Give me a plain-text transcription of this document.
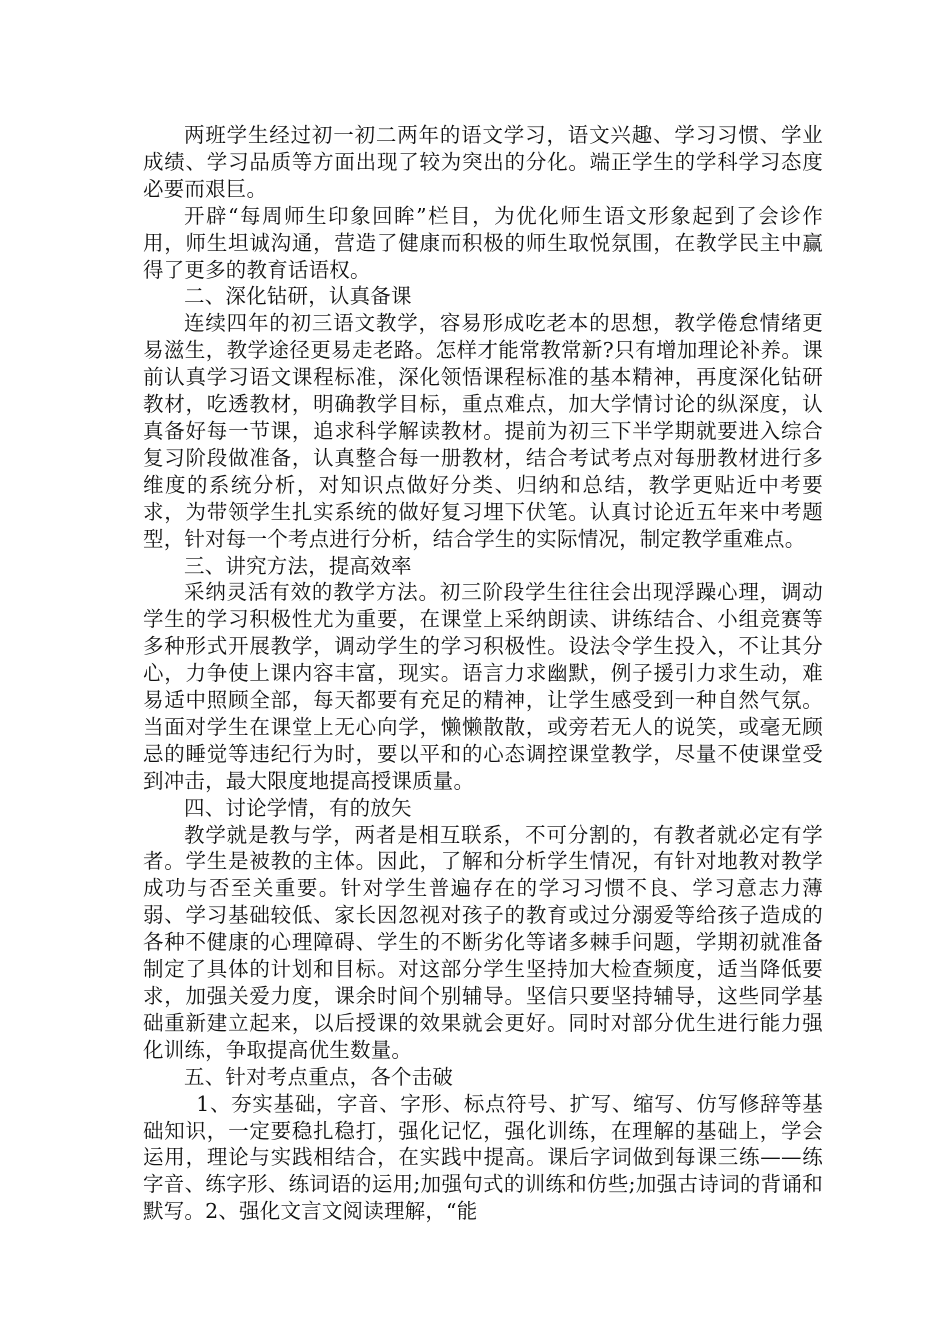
两班学生经过初一初二两年的语文学习，语文兴趣、学习习惯、学业成绩、学习品质等方面出现了较为突出的分化。端正学生的学科学习态度必要而艰巨。

开辟“每周师生印象回眸”栏目，为优化师生语文形象起到了会诊作用，师生坦诚沟通，营造了健康而积极的师生取悦氛围，在教学民主中赢得了更多的教育话语权。

二、深化钻研，认真备课

连续四年的初三语文教学，容易形成吃老本的思想，教学倦怠情绪更易滋生，教学途径更易走老路。怎样才能常教常新?只有增加理论补养。课前认真学习语文课程标准，深化领悟课程标准的基本精神，再度深化钻研教材，吃透教材，明确教学目标，重点难点，加大学情讨论的纵深度，认真备好每一节课，追求科学解读教材。提前为初三下半学期就要进入综合复习阶段做准备，认真整合每一册教材，结合考试考点对每册教材进行多维度的系统分析，对知识点做好分类、归纳和总结，教学更贴近中考要求，为带领学生扎实系统的做好复习埋下伏笔。认真讨论近五年来中考题型，针对每一个考点进行分析，结合学生的实际情况，制定教学重难点。

三、讲究方法，提高效率

采纳灵活有效的教学方法。初三阶段学生往往会出现浮躁心理，调动学生的学习积极性尤为重要，在课堂上采纳朗读、讲练结合、小组竞赛等多种形式开展教学，调动学生的学习积极性。设法令学生投入，不让其分心，力争使上课内容丰富，现实。语言力求幽默，例子援引力求生动，难易适中照顾全部，每天都要有充足的精神，让学生感受到一种自然气氛。当面对学生在课堂上无心向学，懒懒散散，或旁若无人的说笑，或毫无顾忌的睡觉等违纪行为时，要以平和的心态调控课堂教学，尽量不使课堂受到冲击，最大限度地提高授课质量。

四、讨论学情，有的放矢

教学就是教与学，两者是相互联系，不可分割的，有教者就必定有学者。学生是被教的主体。因此，了解和分析学生情况，有针对地教对教学成功与否至关重要。针对学生普遍存在的学习习惯不良、学习意志力薄弱、学习基础较低、家长因忽视对孩子的教育或过分溺爱等给孩子造成的各种不健康的心理障碍、学生的不断劣化等诸多棘手问题，学期初就准备制定了具体的计划和目标。对这部分学生坚持加大检查频度，适当降低要求，加强关爱力度，课余时间个别辅导。坚信只要坚持辅导，这些同学基础重新建立起来，以后授课的效果就会更好。同时对部分优生进行能力强化训练，争取提高优生数量。

五、针对考点重点，各个击破

1、夯实基础，字音、字形、标点符号、扩写、缩写、仿写修辞等基础知识，一定要稳扎稳打，强化记忆，强化训练，在理解的基础上，学会运用，理论与实践相结合，在实践中提高。课后字词做到每课三练——练字音、练字形、练词语的运用;加强句式的训练和仿些;加强古诗词的背诵和默写。2、强化文言文阅读理解，“能
